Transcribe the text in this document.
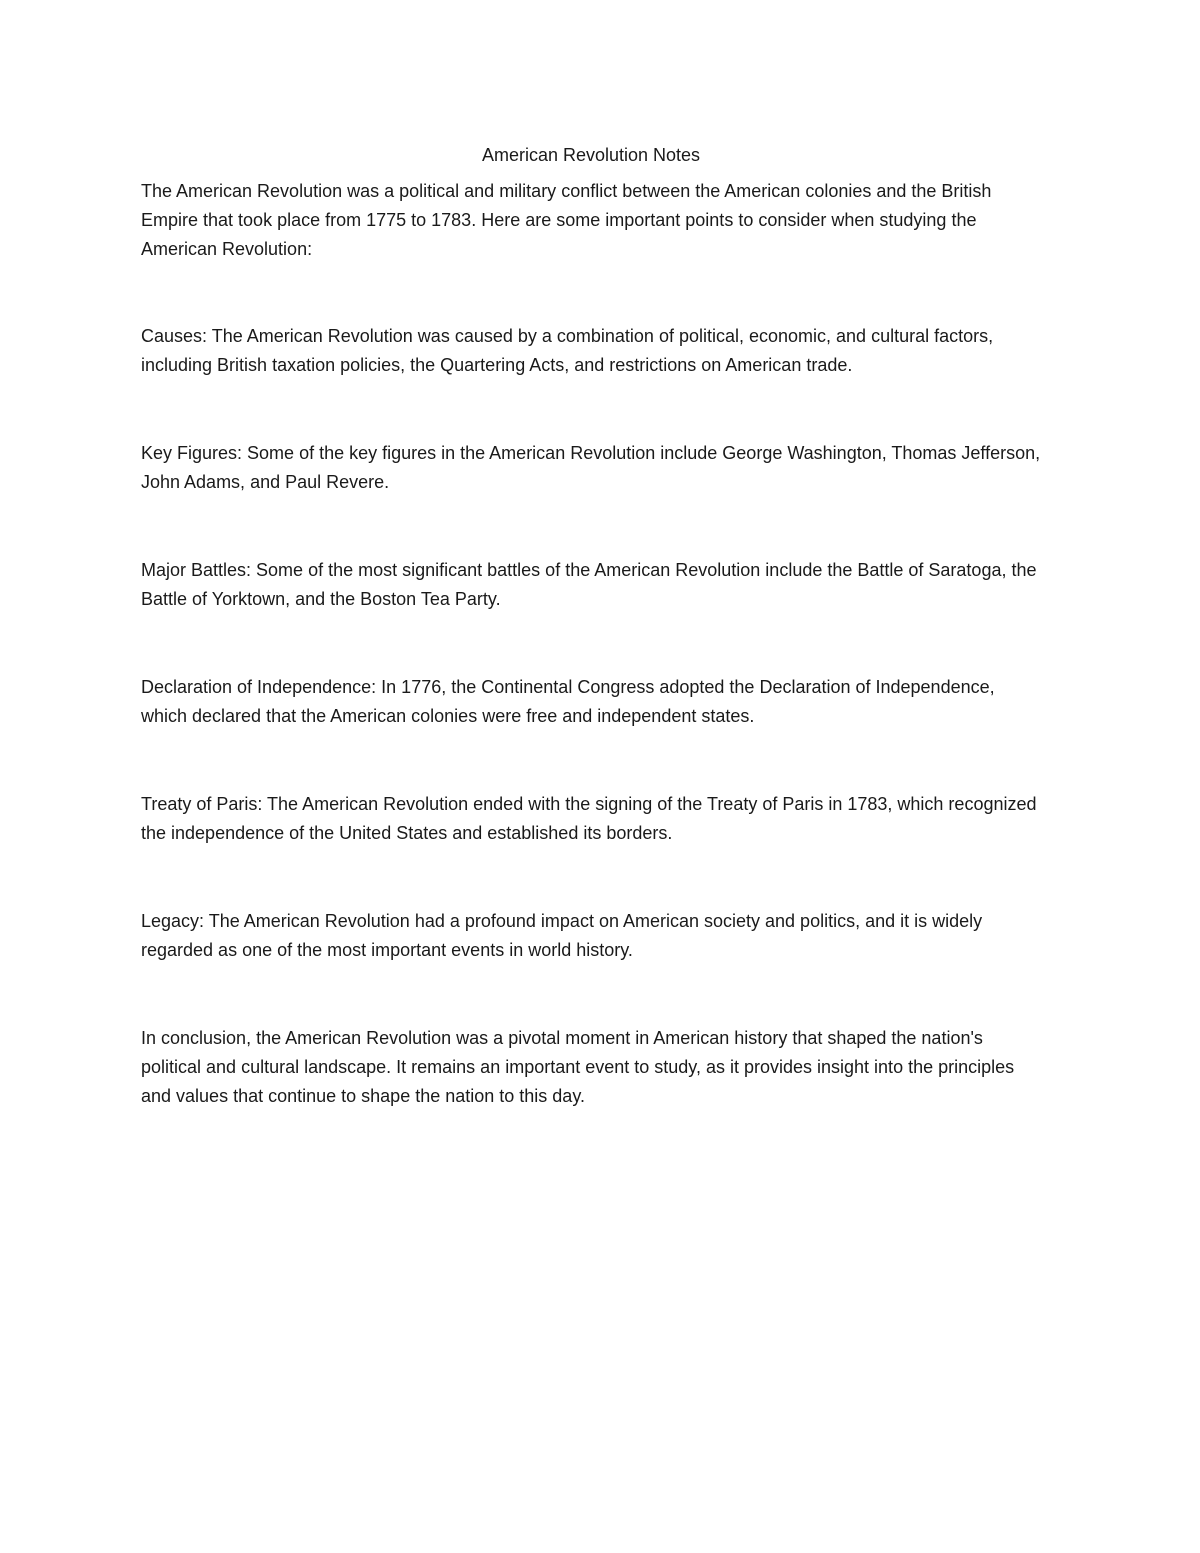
American Revolution Notes

The American Revolution was a political and military conflict between the American colonies and the British Empire that took place from 1775 to 1783. Here are some important points to consider when studying the American Revolution:

Causes: The American Revolution was caused by a combination of political, economic, and cultural factors, including British taxation policies, the Quartering Acts, and restrictions on American trade.

Key Figures: Some of the key figures in the American Revolution include George Washington, Thomas Jefferson, John Adams, and Paul Revere.

Major Battles: Some of the most significant battles of the American Revolution include the Battle of Saratoga, the Battle of Yorktown, and the Boston Tea Party.

Declaration of Independence: In 1776, the Continental Congress adopted the Declaration of Independence, which declared that the American colonies were free and independent states.

Treaty of Paris: The American Revolution ended with the signing of the Treaty of Paris in 1783, which recognized the independence of the United States and established its borders.

Legacy: The American Revolution had a profound impact on American society and politics, and it is widely regarded as one of the most important events in world history.

In conclusion, the American Revolution was a pivotal moment in American history that shaped the nation's political and cultural landscape. It remains an important event to study, as it provides insight into the principles and values that continue to shape the nation to this day.
